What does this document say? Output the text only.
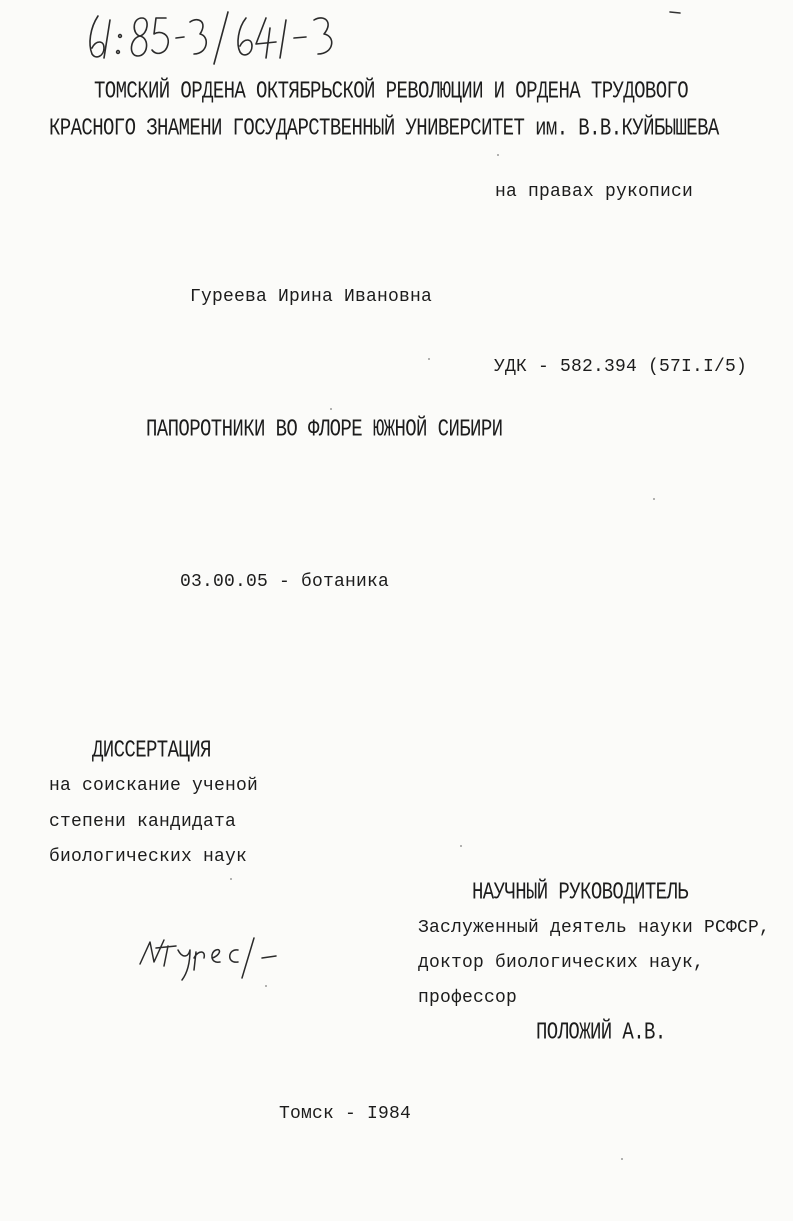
ТОМСКИЙ ОРДЕНА ОКТЯБРЬСКОЙ РЕВОЛЮЦИИ И ОРДЕНА ТРУДОВОГО
КРАСНОГО ЗНАМЕНИ ГОСУДАРСТВЕННЫЙ УНИВЕРСИТЕТ им. В.В.КУЙБЫШЕВА
на правах рукописи
Гуреева Ирина Ивановна
УДК - 582.394 (57I.I/5)
ПАПОРОТНИКИ ВО ФЛОРЕ ЮЖНОЙ СИБИРИ
03.00.05 - ботаника
ДИССЕРТАЦИЯ
на соискание ученой
степени кандидата
биологических наук
НАУЧНЫЙ РУКОВОДИТЕЛЬ
Заслуженный деятель науки РСФСР,
доктор биологических наук,
профессор
ПОЛОЖИЙ А.В.
Томск - I984
